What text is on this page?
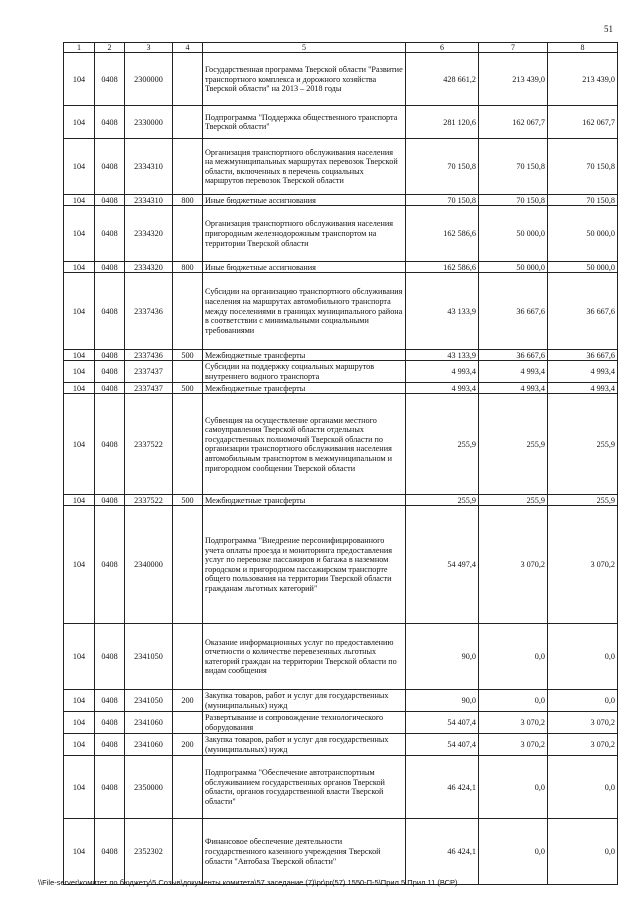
51
1	2	3	4	5	6	7	8
104	0408	2300000		Государственная программа Тверской области "Развитие транспортного комплекса и дорожного хозяйства Тверской области" на 2013 – 2018 годы	428 661,2	213 439,0	213 439,0
104	0408	2330000		Подпрограмма "Поддержка общественного транспорта Тверской области"	281 120,6	162 067,7	162 067,7
104	0408	2334310		Организация транспортного обслуживания населения на межмуниципальных маршрутах перевозок Тверской области, включенных в перечень социальных маршрутов перевозок Тверской области	70 150,8	70 150,8	70 150,8
104	0408	2334310	800	Иные бюджетные ассигнования	70 150,8	70 150,8	70 150,8
104	0408	2334320		Организация транспортного обслуживания населения пригородным железнодорожным транспортом на территории Тверской области	162 586,6	50 000,0	50 000,0
104	0408	2334320	800	Иные бюджетные ассигнования	162 586,6	50 000,0	50 000,0
104	0408	2337436		Субсидии на организацию транспортного обслуживания населения на маршрутах автомобильного транспорта между поселениями в границах муниципального района в соответствии с минимальными социальными требованиями	43 133,9	36 667,6	36 667,6
104	0408	2337436	500	Межбюджетные трансферты	43 133,9	36 667,6	36 667,6
104	0408	2337437		Субсидии на поддержку социальных маршрутов внутреннего водного транспорта	4 993,4	4 993,4	4 993,4
104	0408	2337437	500	Межбюджетные трансферты	4 993,4	4 993,4	4 993,4
104	0408	2337522		Субвенция на осуществление органами местного самоуправления Тверской области отдельных государственных полномочий Тверской области по организации транспортного обслуживания населения автомобильным транспортом в межмуниципальном и пригородном сообщении Тверской области	255,9	255,9	255,9
104	0408	2337522	500	Межбюджетные трансферты	255,9	255,9	255,9
104	0408	2340000		Подпрограмма "Внедрение персонифицированного учета оплаты проезда и мониторинга предоставления услуг по перевозке пассажиров и багажа в наземном городском и пригородном пассажирском транспорте общего пользования на территории Тверской области гражданам льготных категорий"	54 497,4	3 070,2	3 070,2
104	0408	2341050		Оказание информационных услуг по предоставлению отчетности о количестве перевезенных льготных категорий граждан на территории Тверской области по видам сообщения	90,0	0,0	0,0
104	0408	2341050	200	Закупка товаров, работ и услуг для государственных (муниципальных) нужд	90,0	0,0	0,0
104	0408	2341060		Развертывание и сопровождение технологического оборудования	54 407,4	3 070,2	3 070,2
104	0408	2341060	200	Закупка товаров, работ и услуг для государственных (муниципальных) нужд	54 407,4	3 070,2	3 070,2
104	0408	2350000		Подпрограмма "Обеспечение автотранспортным обслуживанием государственных органов Тверской области, органов государственной власти Тверской области"	46 424,1	0,0	0,0
104	0408	2352302		Финансовое обеспечение деятельности государственного казенного учреждения Тверской области "Автобаза Тверской области"	46 424,1	0,0	0,0
\\File-server\комитет по бюджету\5 Созыв\документы комитета\57 заседание (7)\pr\pr(57) 1550-П-5\Прил 5 Прил 11 (ВСР)
